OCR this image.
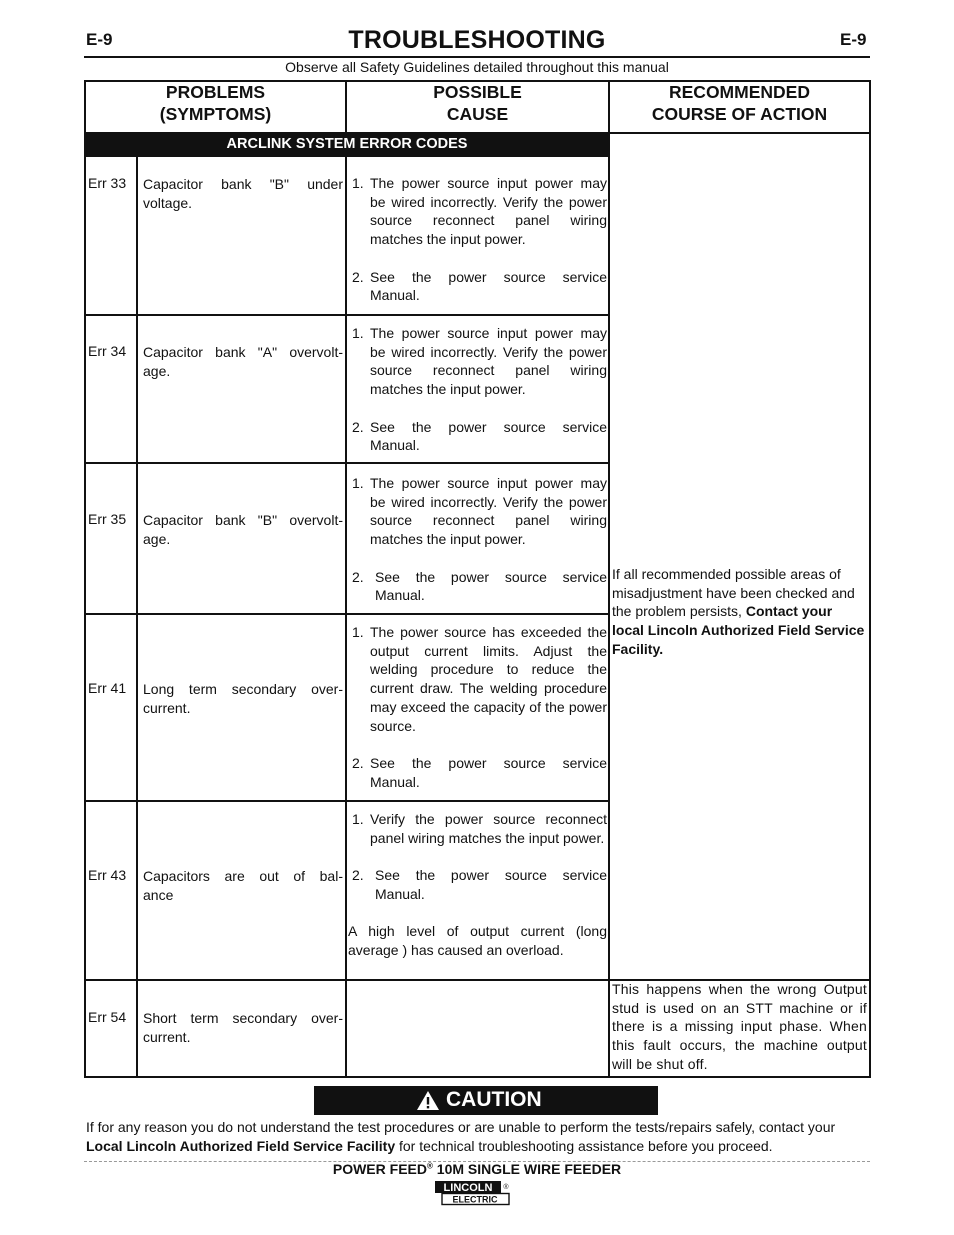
E-9	TROUBLESHOOTING	E-9
Observe all Safety Guidelines detailed throughout this manual
PROBLEMS
(SYMPTOMS)
POSSIBLE
CAUSE
RECOMMENDED
COURSE OF ACTION
ARCLINK SYSTEM ERROR CODES
Err 33 Capacitor bank "B" under
voltage.

1. The power source input power may be wired incorrectly. Verify the power source reconnect panel wiring matches the input power.

2. See the power source service Manual.

Err 34 Capacitor bank "A" overvolt-
age.

1. The power source input power may be wired incorrectly. Verify the power source reconnect panel wiring matches the input power.

2. See the power source service Manual.

Err 35 Capacitor bank "B" overvolt-
age.

1. The power source input power may be wired incorrectly. Verify the power source reconnect panel wiring matches the input power.

2. See the power source service Manual.

Err 41 Long term secondary over-
current.

1. The power source has exceeded the output current limits. Adjust the welding procedure to reduce the current draw. The welding procedure may exceed the capacity of the power source.

2. See the power source service Manual.

Err 43 Capacitors are out of bal-
ance

1. Verify the power source reconnect panel wiring matches the input power.

2. See the power source service Manual.

A high level of output current (long average ) has caused an overload.

Err 54 Short term secondary over-
current.
If all recommended possible areas of misadjustment have been checked and the problem persists, Contact your local Lincoln Authorized Field Service Facility.
This happens when the wrong Output stud is used on an STT machine or if there is a missing input phase. When this fault occurs, the machine output will be shut off.
CAUTION
If for any reason you do not understand the test procedures or are unable to perform the tests/repairs safely, contact your
Local Lincoln Authorized Field Service Facility for technical troubleshooting assistance before you proceed.
POWER FEED® 10M SINGLE WIRE FEEDER
LINCOLN
ELECTRIC
®
